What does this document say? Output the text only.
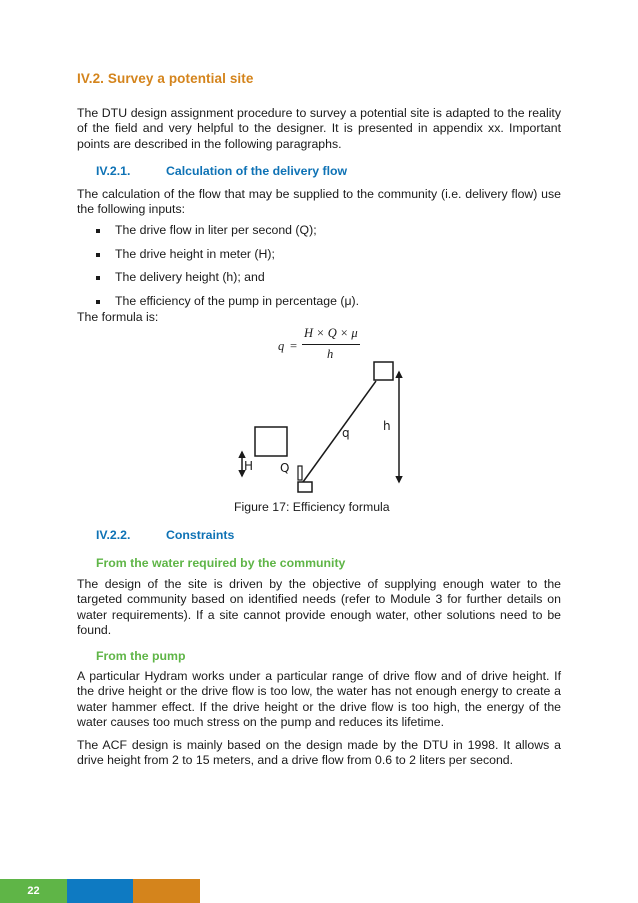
IV.2. Survey a potential site

The DTU design assignment procedure to survey a potential site is adapted to the reality of the field and very helpful to the designer. It is presented in appendix xx. Important points are described in the following paragraphs.

IV.2.1.	Calculation of the delivery flow

The calculation of the flow that may be supplied to the community (i.e. delivery flow) use the following inputs:

The drive flow in liter per second (Q);
The drive height in meter (H);
The delivery height (h); and
The efficiency of the pump in percentage (μ).

The formula is:

q =
H × Q × μ
h
H Q
q	h
Figure 17: Efficiency formula
IV.2.2.	Constraints
From the water required by the community

The design of the site is driven by the objective of supplying enough water to the targeted community based on identified needs (refer to Module 3 for further details on water requirements). If a site cannot provide enough water, other solutions need to be found.

From the pump

A particular Hydram works under a particular range of drive flow and of drive height. If the drive height or the drive flow is too low, the water has not enough energy to create a water hammer effect. If the drive height or the drive flow is too high, the energy of the water causes too much stress on the pump and reduces its lifetime.

The ACF design is mainly based on the design made by the DTU in 1998. It allows a drive height from 2 to 15 meters, and a drive flow from 0.6 to 2 liters per second.

22
